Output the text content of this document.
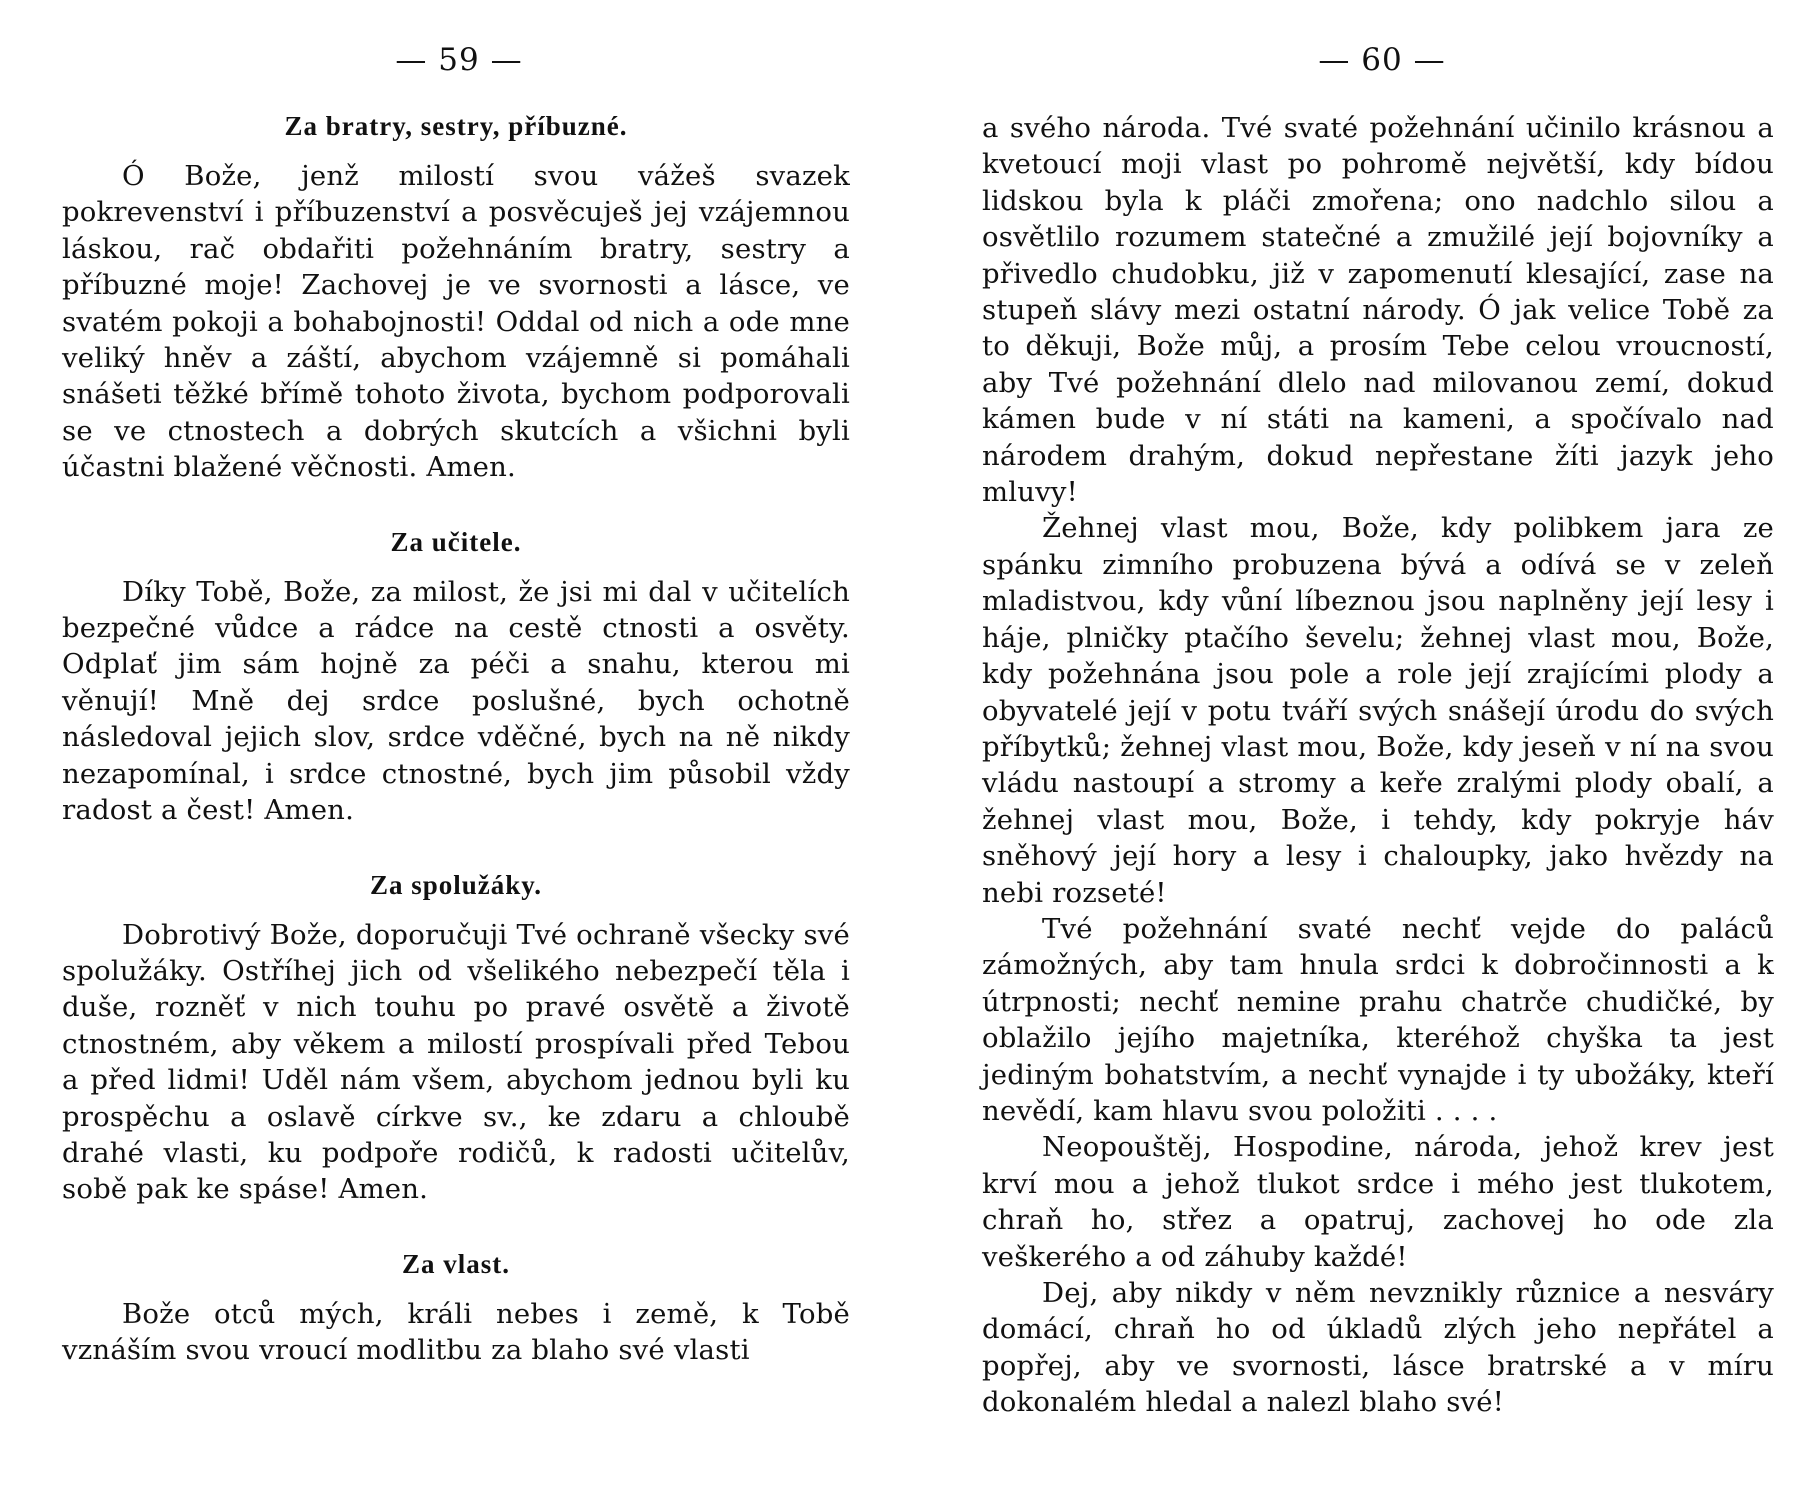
— 59 —
Za bratry, sestry, příbuzné.

Ó Bože, jenž milostí svou vážeš svazek pokrevenství i příbuzenství a posvěcuješ jej vzájemnou láskou, rač obdařiti požehnáním bratry, sestry a příbuzné moje! Zachovej je ve svornosti a lásce, ve svatém pokoji a bohabojnosti! Oddal od nich a ode mne veliký hněv a záští, abychom vzájemně si pomáhali snášeti těžké břímě tohoto života, bychom podporovali se ve ctnostech a dobrých skutcích a všichni byli účastni blažené věčnosti. Amen.

Za učitele.

Díky Tobě, Bože, za milost, že jsi mi dal v učitelích bezpečné vůdce a rádce na cestě ctnosti a osvěty. Odplať jim sám hojně za péči a snahu, kterou mi věnují! Mně dej srdce poslušné, bych ochotně následoval jejich slov, srdce vděčné, bych na ně nikdy nezapomínal, i srdce ctnostné, bych jim působil vždy radost a čest! Amen.

Za spolužáky.

Dobrotivý Bože, doporučuji Tvé ochraně všecky své spolužáky. Ostříhej jich od všelikého nebezpečí těla i duše, rozněť v nich touhu po pravé osvětě a životě ctnostném, aby věkem a milostí prospívali před Tebou a před lidmi! Uděl nám všem, abychom jednou byli ku prospěchu a oslavě církve sv., ke zdaru a chloubě drahé vlasti, ku podpoře rodičů, k radosti učitelův, sobě pak ke spáse! Amen.

Za vlast.

Bože otců mých, králi nebes i země, k Tobě vznáším svou vroucí modlitbu za blaho své vlasti

— 60 —

a svého národa. Tvé svaté požehnání učinilo krásnou a kvetoucí moji vlast po pohromě největší, kdy bídou lidskou byla k pláči zmořena; ono nadchlo silou a osvětlilo rozumem statečné a zmužilé její bojovníky a přivedlo chudobku, již v zapomenutí klesající, zase na stupeň slávy mezi ostatní národy. Ó jak velice Tobě za to děkuji, Bože můj, a prosím Tebe celou vroucností, aby Tvé požehnání dlelo nad milovanou zemí, dokud kámen bude v ní státi na kameni, a spočívalo nad národem drahým, dokud nepřestane žíti jazyk jeho mluvy!

Žehnej vlast mou, Bože, kdy polibkem jara ze spánku zimního probuzena bývá a odívá se v zeleň mladistvou, kdy vůní líbeznou jsou naplněny její lesy i háje, plničky ptačího ševelu; žehnej vlast mou, Bože, kdy požehnána jsou pole a role její zrajícími plody a obyvatelé její v potu tváří svých snášejí úrodu do svých příbytků; žehnej vlast mou, Bože, kdy jeseň v ní na svou vládu nastoupí a stromy a keře zralými plody obalí, a žehnej vlast mou, Bože, i tehdy, kdy pokryje háv sněhový její hory a lesy i chaloupky, jako hvězdy na nebi rozseté!

Tvé požehnání svaté nechť vejde do paláců zámožných, aby tam hnula srdci k dobročinnosti a k útrpnosti; nechť nemine prahu chatrče chudičké, by oblažilo jejího majetníka, kteréhož chyška ta jest jediným bohatstvím, a nechť vynajde i ty ubožáky, kteří nevědí, kam hlavu svou položiti . . . .

Neopouštěj, Hospodine, národa, jehož krev jest krví mou a jehož tlukot srdce i mého jest tlukotem, chraň ho, střez a opatruj, zachovej ho ode zla veškerého a od záhuby každé!

Dej, aby nikdy v něm nevznikly různice a nesváry domácí, chraň ho od úkladů zlých jeho nepřátel a popřej, aby ve svornosti, lásce bratrské a v míru dokonalém hledal a nalezl blaho své!
